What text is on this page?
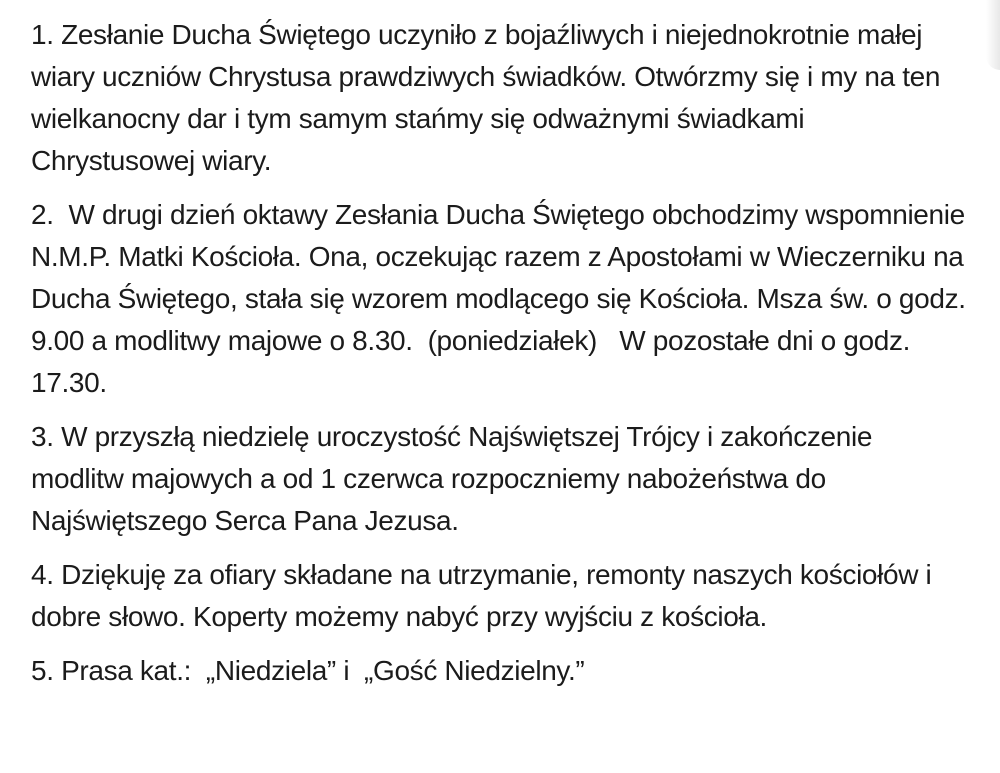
1. Zesłanie Ducha Świętego uczyniło z bojaźliwych i niejednokrotnie małej wiary uczniów Chrystusa prawdziwych świadków. Otwórzmy się i my na ten wielkanocny dar i tym samym stańmy się odważnymi świadkami Chrystusowej wiary.

2.  W drugi dzień oktawy Zesłania Ducha Świętego obchodzimy wspomnienie N.M.P. Matki Kościoła. Ona, oczekując razem z Apostołami w Wieczerniku na Ducha Świętego, stała się wzorem modlącego się Kościoła. Msza św. o godz. 9.00 a modlitwy majowe o 8.30.  (poniedziałek)   W pozostałe dni o godz. 17.30.

3. W przyszłą niedzielę uroczystość Najświętszej Trójcy i zakończenie modlitw majowych a od 1 czerwca rozpoczniemy nabożeństwa do Najświętszego Serca Pana Jezusa.

4. Dziękuję za ofiary składane na utrzymanie, remonty naszych kościołów i dobre słowo. Koperty możemy nabyć przy wyjściu z kościoła.

5. Prasa kat.:  „Niedziela” i  „Gość Niedzielny.”
